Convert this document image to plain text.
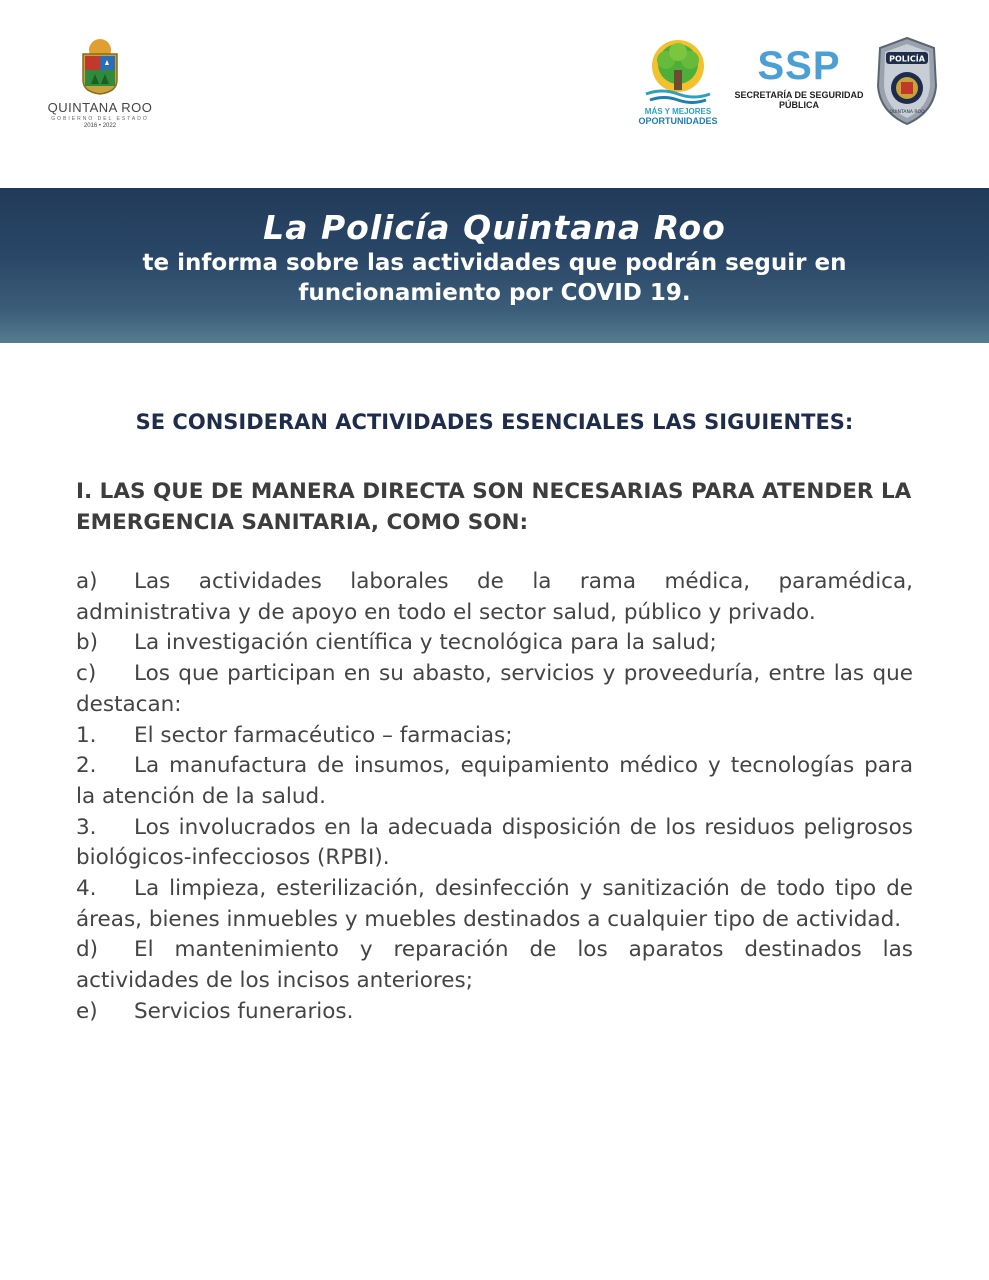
QUINTANA ROO
GOBIERNO DEL ESTADO
2016 • 2022
MÁS Y MEJORES
OPORTUNIDADES
SSP
SECRETARÍA DE SEGURIDAD
PÚBLICA
POLICÍA
QUINTANA ROO
La Policía Quintana Roo
te informa sobre las actividades que podrán seguir en
funcionamiento por COVID 19.
SE CONSIDERAN ACTIVIDADES ESENCIALES LAS SIGUIENTES:
I. LAS QUE DE MANERA DIRECTA SON NECESARIAS PARA ATENDER LA EMERGENCIA SANITARIA, COMO SON:

a) Las actividades laborales de la rama médica, paramédica, administrativa y de apoyo en todo el sector salud, público y privado.

b) La investigación científica y tecnológica para la salud;

c) Los que participan en su abasto, servicios y proveeduría, entre las que destacan:

1. El sector farmacéutico – farmacias;

2. La manufactura de insumos, equipamiento médico y tecnologías para la atención de la salud.

3. Los involucrados en la adecuada disposición de los residuos peligrosos biológicos-infecciosos (RPBI).

4. La limpieza, esterilización, desinfección y sanitización de todo tipo de áreas, bienes inmuebles y muebles destinados a cualquier tipo de actividad.

d) El mantenimiento y reparación de los aparatos destinados las actividades de los incisos anteriores;

e) Servicios funerarios.
